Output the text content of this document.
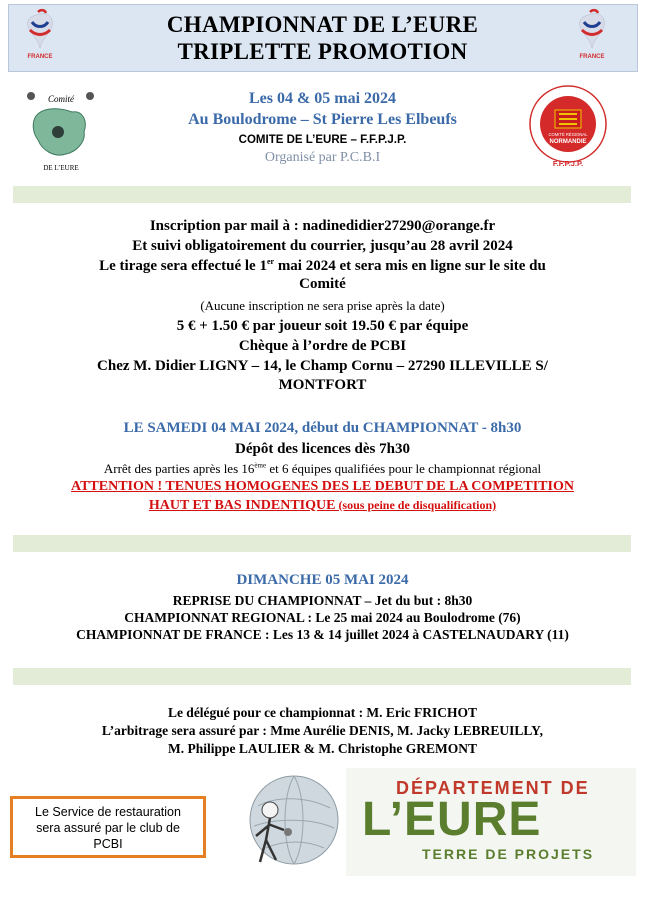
FRANCE	FRANCE
CHAMPIONNAT DE L’EURE
TRIPLETTE PROMOTION
Comité
DE L’EURE
COMITÉ RÉGIONAL
NORMANDIE
F.F.P.J.P.
Les 04 & 05 mai 2024
Au Boulodrome – St Pierre Les Elbeufs
COMITE DE L’EURE – F.F.P.J.P.
Organisé par P.C.B.I
Inscription par mail à : nadinedidier27290@orange.fr
Et suivi obligatoirement du courrier, jusqu’au 28 avril 2024
Le tirage sera effectué le 1er mai 2024 et sera mis en ligne sur le site du
Comité
(Aucune inscription ne sera prise après la date)
5 € + 1.50 € par joueur soit 19.50 € par équipe
Chèque à l’ordre de PCBI
Chez M. Didier LIGNY – 14, le Champ Cornu – 27290 ILLEVILLE S/
MONTFORT
LE SAMEDI 04 MAI 2024, début du CHAMPIONNAT - 8h30
Dépôt des licences dès 7h30
Arrêt des parties après les 16ème et 6 équipes qualifiées pour le championnat régional
ATTENTION ! TENUES HOMOGENES DES LE DEBUT DE LA COMPETITION
HAUT ET BAS INDENTIQUE (sous peine de disqualification)
DIMANCHE 05 MAI 2024
REPRISE DU CHAMPIONNAT – Jet du but : 8h30
CHAMPIONNAT REGIONAL : Le 25 mai 2024 au Boulodrome (76)
CHAMPIONNAT DE FRANCE : Les 13 & 14 juillet 2024 à CASTELNAUDARY (11)
Le délégué pour ce championnat : M. Eric FRICHOT
L’arbitrage sera assuré par : Mme Aurélie DENIS, M. Jacky LEBREUILLY,
M. Philippe LAULIER & M. Christophe GREMONT
Le Service de restauration
sera assuré par le club de
PCBI
DÉPARTEMENT DE
L’EURE
TERRE DE PROJETS
